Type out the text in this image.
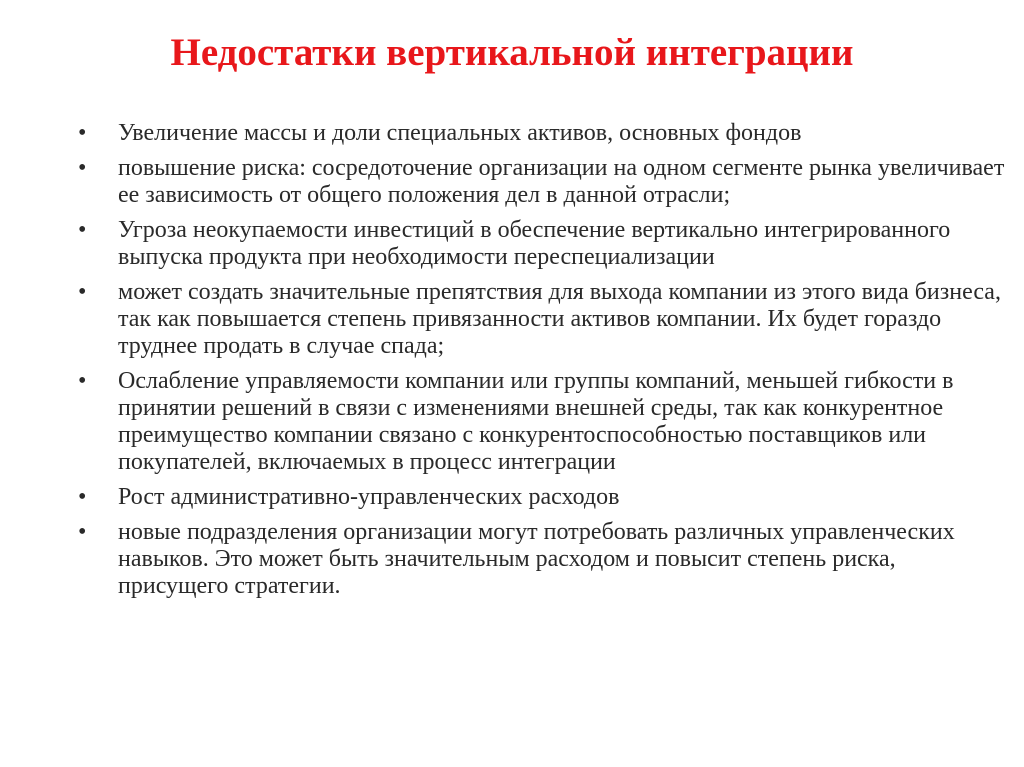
Недостатки вертикальной интеграции
•	Увеличение массы и доли специальных активов, основных фондов
•	повышение риска: сосредоточение организации на одном сегменте рынка увеличивает ее зависимость от общего положения дел в данной отрасли;
•	Угроза неокупаемости инвестиций в обеспечение вертикально интегрированного выпуска продукта при необходимости переспециализации
•	может создать значительные препятствия для выхода компании из этого вида бизнеса, так как повышается степень привязанности активов компании. Их будет гораздо труднее продать в случае спада;
•	Ослабление управляемости компании или группы компаний, меньшей гибкости в принятии решений в связи с изменениями внешней среды, так как конкурентное преимущество компании связано с конкурентоспособностью поставщиков или покупателей, включаемых в процесс интеграции
•	Рост административно-управленческих расходов
•	новые подразделения организации могут потребовать различных управленческих навыков. Это может быть значительным расходом и повысит степень риска, присущего стратегии.
